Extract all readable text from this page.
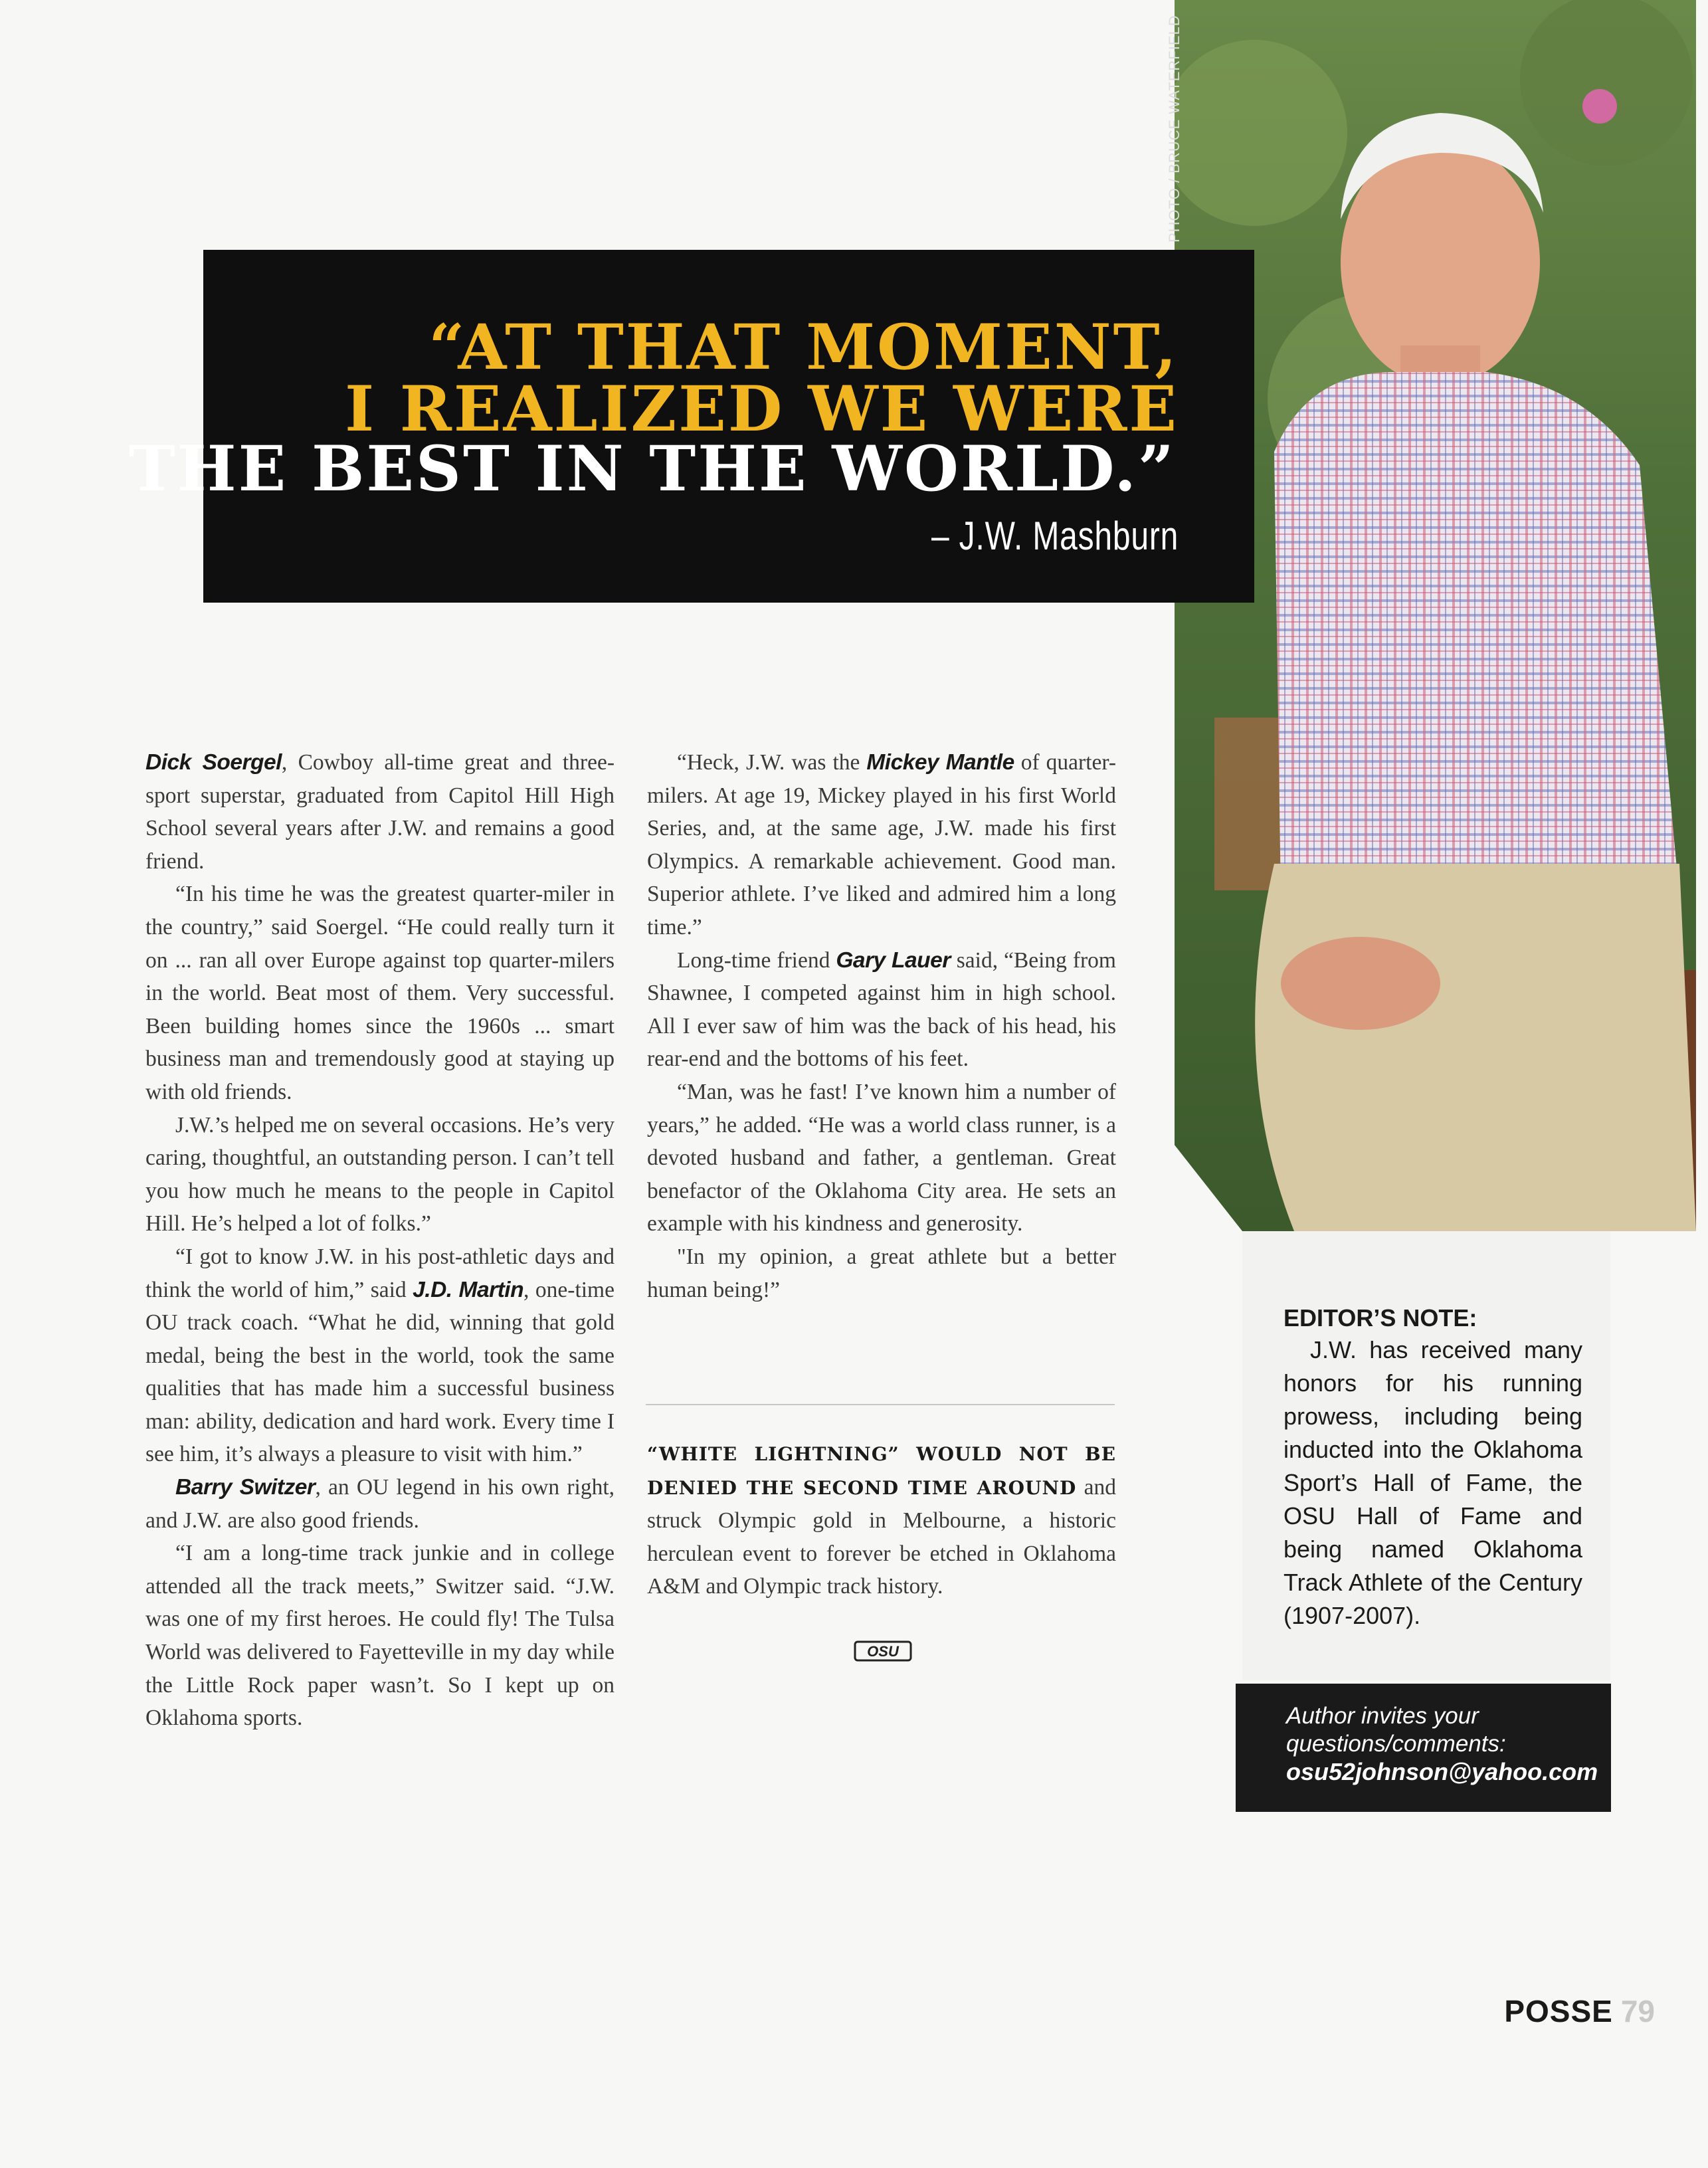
PHOTO / BRUCE WATERFIELD
“AT THAT MOMENT,
I REALIZED WE WERE
THE BEST IN THE WORLD.”
– J.W. Mashburn

Dick Soergel, Cowboy all-time great and three-sport superstar, graduated from Capitol Hill High School several years after J.W. and remains a good friend.

“In his time he was the greatest quarter-miler in the country,” said Soergel. “He could really turn it on ... ran all over Europe against top quarter-milers in the world. Beat most of them. Very successful. Been building homes since the 1960s ... smart business man and tremendously good at staying up with old friends.

J.W.’s helped me on several occasions. He’s very caring, thoughtful, an outstanding person. I can’t tell you how much he means to the people in Capitol Hill. He’s helped a lot of folks.”

“I got to know J.W. in his post-athletic days and think the world of him,” said J.D. Martin, one-time OU track coach. “What he did, winning that gold medal, being the best in the world, took the same qualities that has made him a successful business man: ability, dedication and hard work. Every time I see him, it’s always a pleasure to visit with him.”

Barry Switzer, an OU legend in his own right, and J.W. are also good friends.

“I am a long-time track junkie and in college attended all the track meets,” Switzer said. “J.W. was one of my first heroes. He could fly! The Tulsa World was delivered to Fayetteville in my day while the Little Rock paper wasn’t. So I kept up on Oklahoma sports.

“Heck, J.W. was the Mickey Mantle of quarter-milers. At age 19, Mickey played in his first World Series, and, at the same age, J.W. made his first Olympics. A remarkable achievement. Good man. Superior athlete. I’ve liked and admired him a long time.”

Long-time friend Gary Lauer said, “Being from Shawnee, I competed against him in high school. All I ever saw of him was the back of his head, his rear-end and the bottoms of his feet.

“Man, was he fast! I’ve known him a number of years,” he added. “He was a world class runner, is a devoted husband and father, a gentleman. Great benefactor of the Oklahoma City area. He sets an example with his kindness and generosity.

"In my opinion, a great athlete but a better human being!”

“WHITE LIGHTNING” WOULD NOT BE DENIED THE SECOND TIME AROUND and struck Olympic gold in Melbourne, a historic herculean event to forever be etched in Oklahoma A&M and Olympic track history.
OSU
EDITOR’S NOTE:
J.W. has received many honors for his running prowess, including being inducted into the Oklahoma Sport’s Hall of Fame, the OSU Hall of Fame and being named Oklahoma Track Athlete of the Century (1907-2007).
Author invites your
questions/comments:
osu52johnson@yahoo.com
POSSE 79
